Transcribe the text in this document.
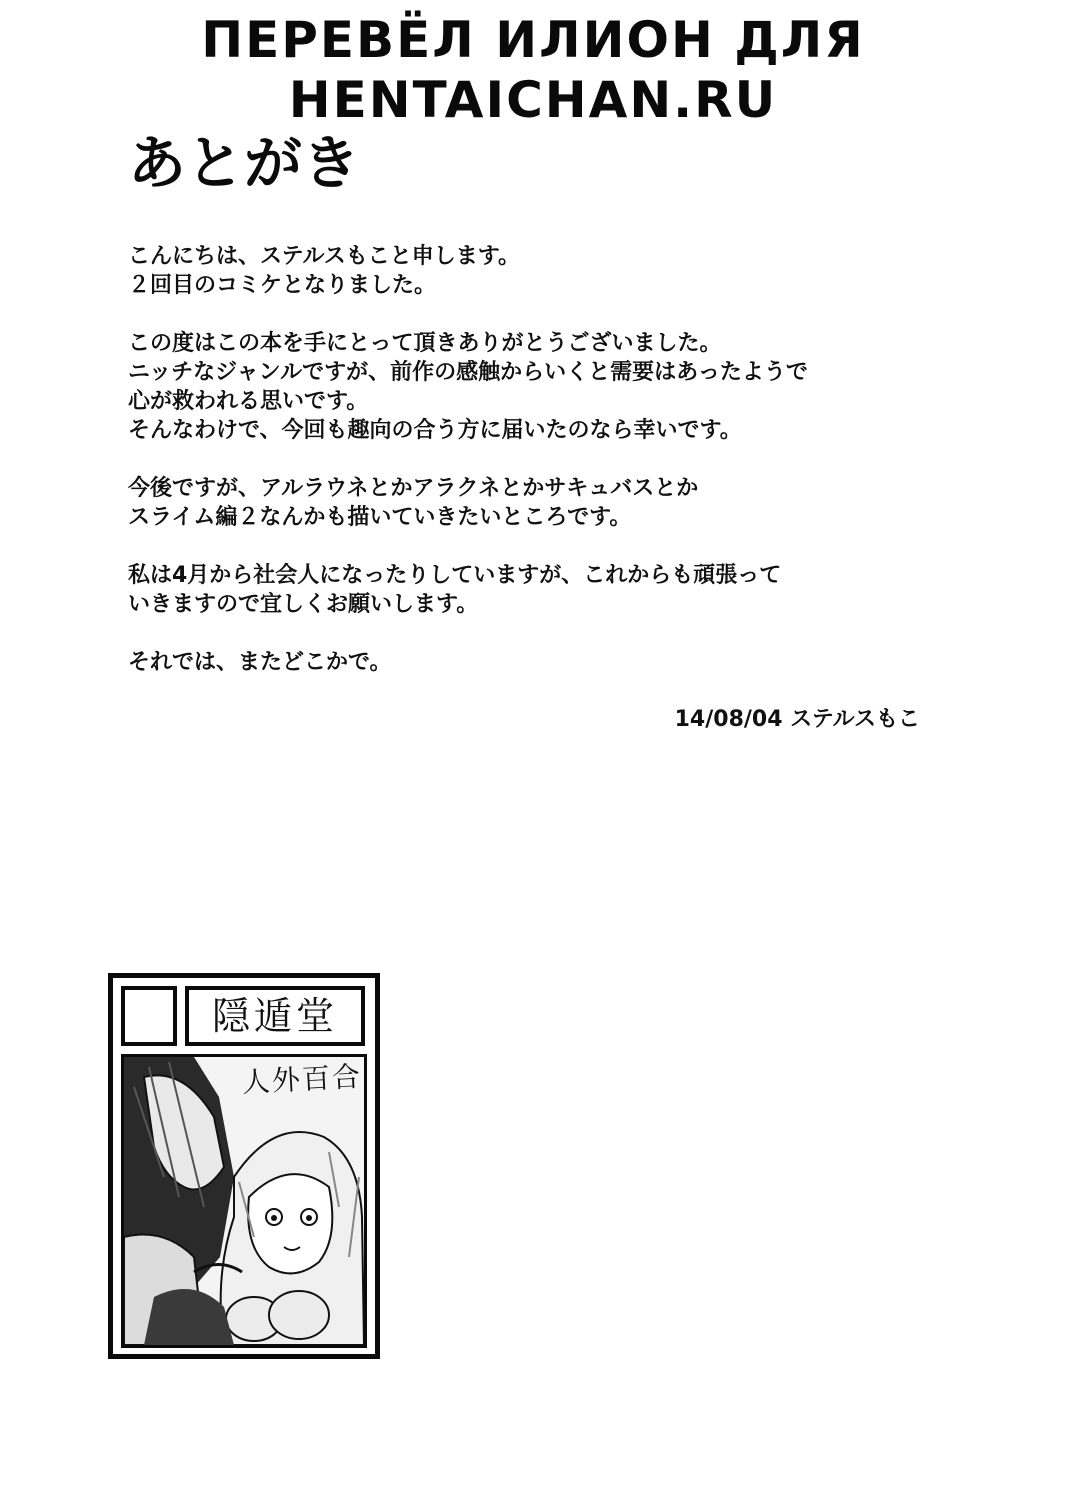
ПЕРЕВЁЛ ИЛИОН ДЛЯ
HENTAICHAN.RU
あとがき
こんにちは、ステルスもこと申します。
２回目のコミケとなりました。
この度はこの本を手にとって頂きありがとうございました。
ニッチなジャンルですが、前作の感触からいくと需要はあったようで
心が救われる思いです。
そんなわけで、今回も趣向の合う方に届いたのなら幸いです。
今後ですが、アルラウネとかアラクネとかサキュバスとか
スライム編２なんかも描いていきたいところです。
私は4月から社会人になったりしていますが、これからも頑張って
いきますので宜しくお願いします。
それでは、またどこかで。
14/08/04 ステルスもこ
隠遁堂
人外百合
